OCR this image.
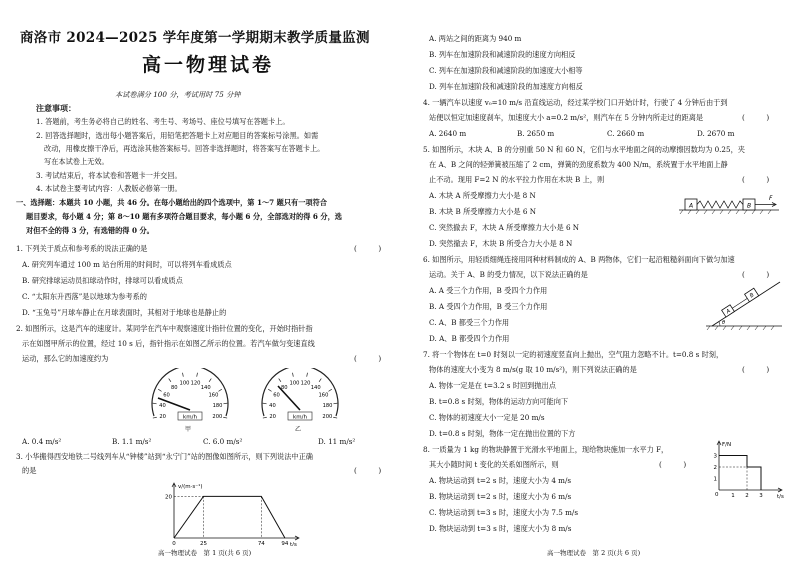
商洛市 2024—2025 学年度第一学期期末教学质量监测
高一物理试卷
本试卷满分 100 分，考试用时 75 分钟
注意事项：
1. 答题前，考生务必将自己的姓名、考生号、考场号、座位号填写在答题卡上。
2. 回答选择题时，选出每小题答案后，用铅笔把答题卡上对应题目的答案标号涂黑。如需
改动，用橡皮擦干净后，再选涂其他答案标号。回答非选择题时，将答案写在答题卡上。
写在本试卷上无效。
3. 考试结束后，将本试卷和答题卡一并交回。
4. 本试卷主要考试内容：人教版必修第一册。
一、选择题：本题共 10 小题，共 46 分。在每小题给出的四个选项中，第 1～7 题只有一项符合
题目要求，每小题 4 分；第 8～10 题有多项符合题目要求，每小题 6 分，全部选对的得 6 分，选
对但不全的得 3 分，有选错的得 0 分。
1. 下列关于质点和参考系的说法正确的是	(　　　)
A. 研究列车通过 100 m 站台所用的时间时，可以将列车看成质点
B. 研究排球运动员扣球动作时，排球可以看成质点
C. “太阳东升西落”是以地球为参考系的
D. “玉兔号”月球车静止在月球表面时，其相对于地球也是静止的
2. 如图所示，这是汽车的速度计。某同学在汽车中观察速度计指针位置的变化，开始时指针指
示在如图甲所示的位置，经过 10 s 后，指针指示在如图乙所示的位置。若汽车做匀变速直线
运动，那么它的加速度约为	(　　　)
20
40
60
80
100 120
140
160
180
200
km/h	20
40
60
80
100 120
140
160
180
200
km/h
甲	乙
A. 0.4 m/s²	B. 1.1 m/s²	C. 6.0 m/s²	D. 11 m/s²
3. 小华搬得西安地铁二号线列车从“钟楼”站到“永宁门”站的图像如图所示，则下列说法中正确
的是	(　　　)
v/(m·s⁻¹)
t/s
0	25	74	94
20
高一物理试卷　第 1 页(共 6 页)
A. 两站之间的距离为 940 m
B. 列车在加速阶段和减速阶段的速度方向相反
C. 列车在加速阶段和减速阶段的加速度大小相等
D. 列车在加速阶段和减速阶段的加速度方向相反
4. 一辆汽车以速度 v₀=10 m/s 沿直线运动，经过某学校门口开始计时，行驶了 4 分钟后由于到
站便以恒定加速度刹车，加速度大小 a=0.2 m/s²，则汽车在 5 分钟内所走过的距离是	(　　　)
A. 2640 m	B. 2650 m	C. 2660 m	D. 2670 m
5. 如图所示，木块 A、B 的分别重 50 N 和 60 N，它们与水平地面之间的动摩擦因数均为 0.25，夹
在 A、B 之间的轻弹簧被压缩了 2 cm，弹簧的劲度系数为 400 N/m，系统置于水平地面上静
止不动。现用 F=2 N 的水平拉力作用在木块 B 上，则	(　　　)
A. 木块 A 所受摩擦力大小是 8 N
B. 木块 B 所受摩擦力大小是 6 N
C. 突然撤去 F，木块 A 所受摩擦力大小是 6 N
D. 突然撤去 F，木块 B 所受合力大小是 8 N
A	B
F
6. 如图所示，用轻质细绳连接用同种材料制成的 A、B 两物体，它们一起沿粗糙斜面向下做匀加速
运动。关于 A、B 的受力情况，以下说法正确的是	(　　　)
A. A 受三个力作用，B 受四个力作用
B. A 受四个力作用，B 受三个力作用
C. A、B 都受三个力作用
D. A、B 都受四个力作用
A
B
θ
7. 将一个物体在 t=0 时刻以一定的初速度竖直向上抛出，空气阻力忽略不计。t=0.8 s 时刻，
物体的速度大小变为 8 m/s(g 取 10 m/s²)，则下列说法正确的是	(　　　)
A. 物体一定是在 t=3.2 s 时回到抛出点
B. t=0.8 s 时刻，物体的运动方向可能向下
C. 物体的初速度大小一定是 20 m/s
D. t=0.8 s 时刻，物体一定在抛出位置的下方
8. 一质量为 1 kg 的物块静置于光滑水平地面上，现给物块施加一水平力 F，
其大小随时间 t 变化的关系如图所示，则	(　　　)
A. 物块运动到 t=2 s 时，速度大小为 4 m/s
B. 物块运动到 t=2 s 时，速度大小为 6 m/s
C. 物块运动到 t=3 s 时，速度大小为 7.5 m/s
D. 物块运动到 t=3 s 时，速度大小为 8 m/s
F/N
t/s
0 1 2 3
1
2
3
高一物理试卷　第 2 页(共 6 页)
